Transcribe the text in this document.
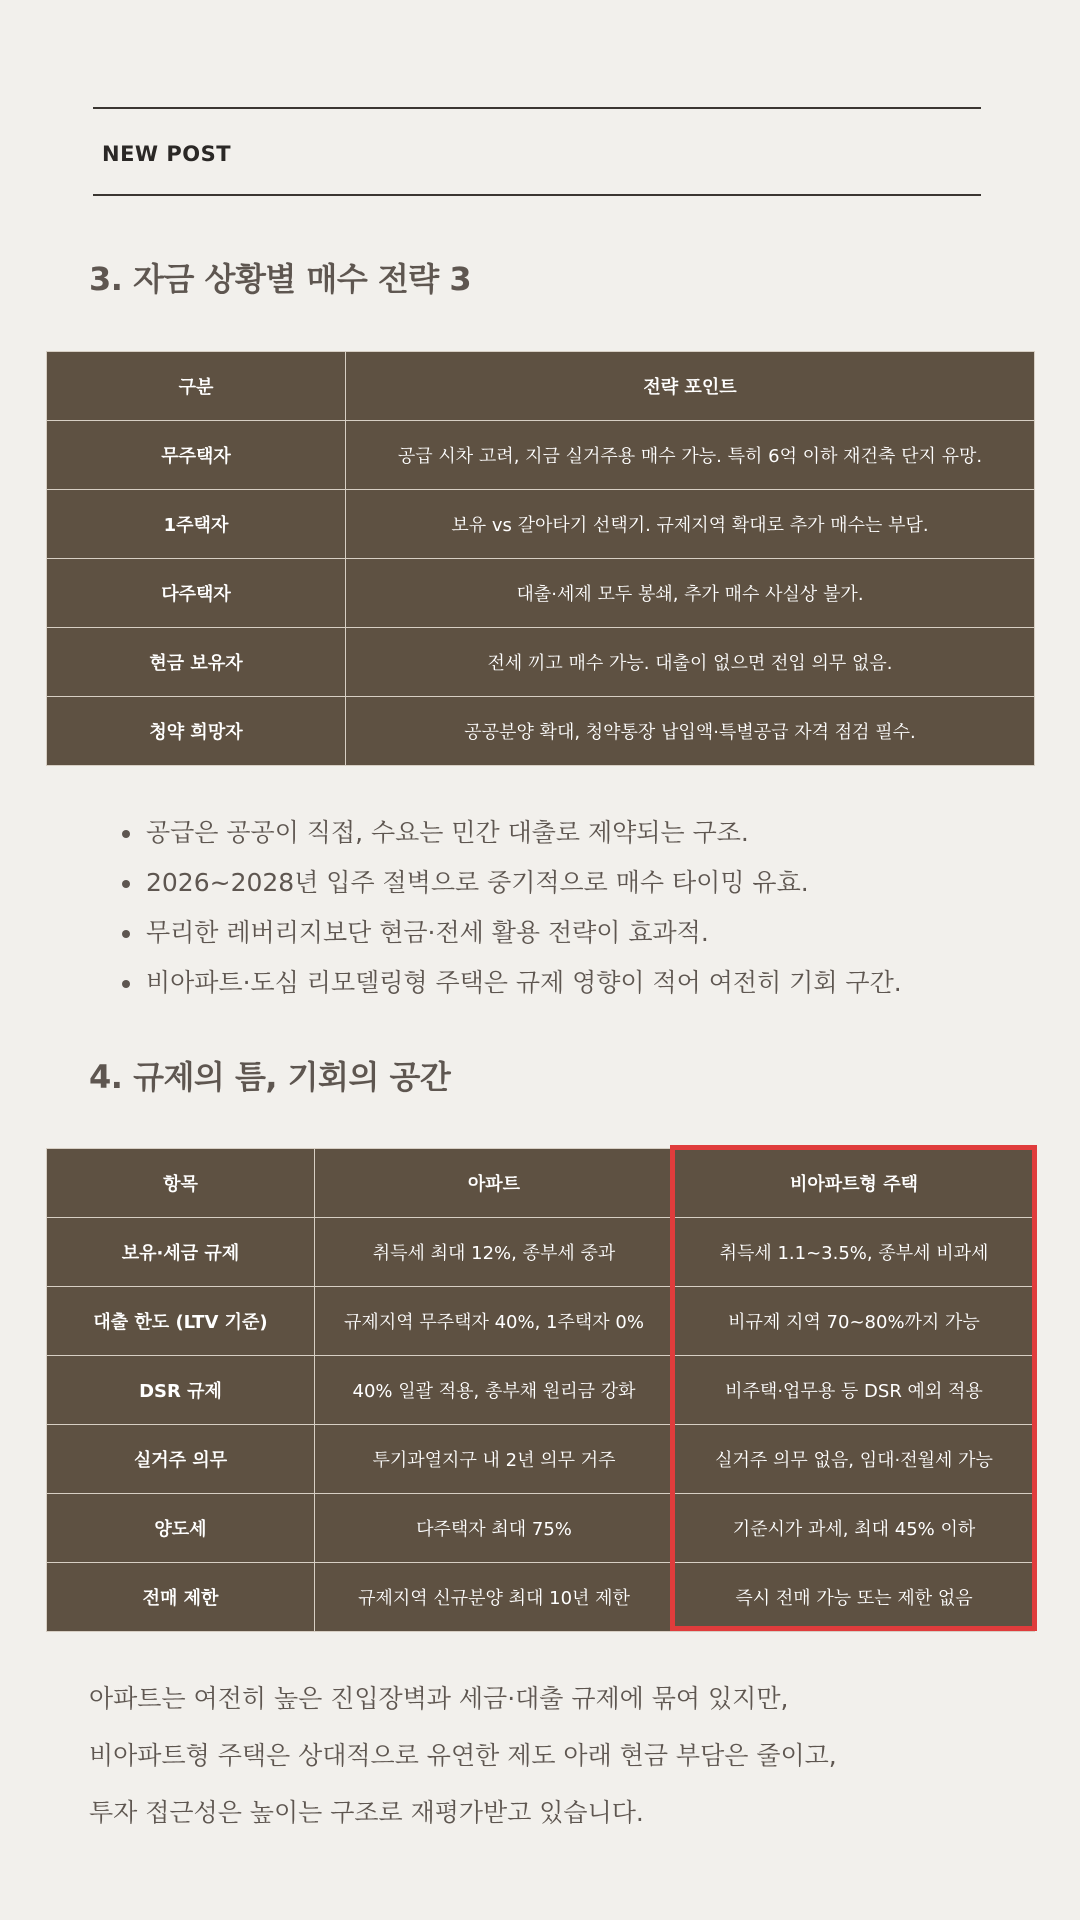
NEW POST
3. 자금 상황별 매수 전략 3
구분	전략 포인트
무주택자	공급 시차 고려, 지금 실거주용 매수 가능. 특히 6억 이하 재건축 단지 유망.
1주택자	보유 vs 갈아타기 선택기. 규제지역 확대로 추가 매수는 부담.
다주택자	대출·세제 모두 봉쇄, 추가 매수 사실상 불가.
현금 보유자	전세 끼고 매수 가능. 대출이 없으면 전입 의무 없음.
청약 희망자	공공분양 확대, 청약통장 납입액·특별공급 자격 점검 필수.
공급은 공공이 직접, 수요는 민간 대출로 제약되는 구조.
2026~2028년 입주 절벽으로 중기적으로 매수 타이밍 유효.
무리한 레버리지보단 현금·전세 활용 전략이 효과적.
비아파트·도심 리모델링형 주택은 규제 영향이 적어 여전히 기회 구간.
4. 규제의 틈, 기회의 공간
항목	아파트	비아파트형 주택
보유·세금 규제	취득세 최대 12%, 종부세 중과	취득세 1.1~3.5%, 종부세 비과세
대출 한도 (LTV 기준)	규제지역 무주택자 40%, 1주택자 0%	비규제 지역 70~80%까지 가능
DSR 규제	40% 일괄 적용, 총부채 원리금 강화	비주택·업무용 등 DSR 예외 적용
실거주 의무	투기과열지구 내 2년 의무 거주	실거주 의무 없음, 임대·전월세 가능
양도세	다주택자 최대 75%	기준시가 과세, 최대 45% 이하
전매 제한	규제지역 신규분양 최대 10년 제한	즉시 전매 가능 또는 제한 없음
아파트는 여전히 높은 진입장벽과 세금·대출 규제에 묶여 있지만,
비아파트형 주택은 상대적으로 유연한 제도 아래 현금 부담은 줄이고,
투자 접근성은 높이는 구조로 재평가받고 있습니다.
